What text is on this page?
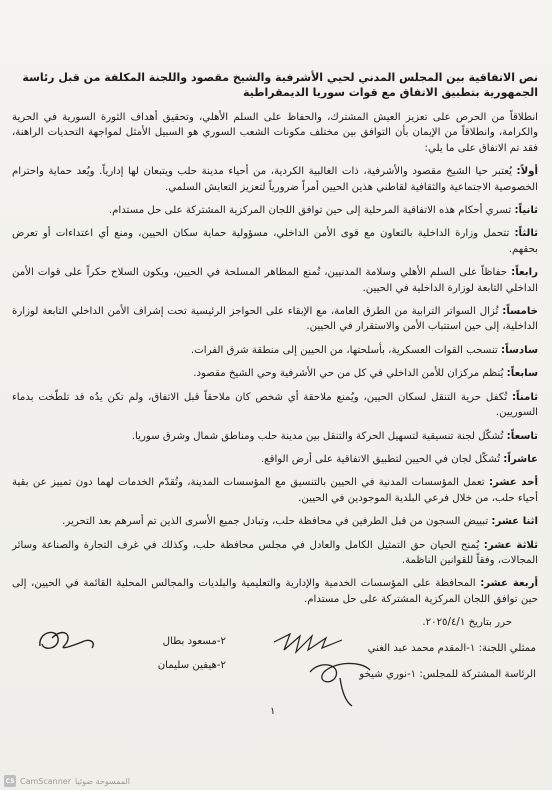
نص الاتفاقية بين المجلس المدني لحيي الأشرفية والشيخ مقصود واللجنة المكلفة من قبل رئاسة الجمهورية بتطبيق الاتفاق مع قوات سوريا الديمقراطية

انطلاقاً من الحرص على تعزيز العيش المشترك، والحفاظ على السلم الأهلي، وتحقيق أهداف الثورة السورية في الحرية والكرامة، وانطلاقاً من الإيمان بأن التوافق بين مختلف مكونات الشعب السوري هو السبيل الأمثل لمواجهة التحديات الراهنة، فقد تم الاتفاق على ما يلي:

أولاً: يُعتبر حيا الشيخ مقصود والأشرفية، ذات الغالبية الكردية، من أحياء مدينة حلب ويتبعان لها إدارياً. ويُعد حماية واحترام الخصوصية الاجتماعية والثقافية لقاطني هذين الحيين أمراً ضرورياً لتعزيز التعايش السلمي.

ثانياً: تسري أحكام هذه الاتفاقية المرحلية إلى حين توافق اللجان المركزية المشتركة على حل مستدام.

ثالثاً: تتحمل وزارة الداخلية بالتعاون مع قوى الأمن الداخلي، مسؤولية حماية سكان الحيين، ومنع أي اعتداءات أو تعرض بحقهم.

رابعاً: حفاظاً على السلم الأهلي وسلامة المدنيين، تُمنع المظاهر المسلحة في الحيين، ويكون السلاح حكراً على قوات الأمن الداخلي التابعة لوزارة الداخلية في الحيين.

خامساً: تُزال السواتر الترابية من الطرق العامة، مع الإبقاء على الحواجز الرئيسية تحت إشراف الأمن الداخلي التابعة لوزارة الداخلية، إلى حين استتباب الأمن والاستقرار في الحيين.

سادساً: تنسحب القوات العسكرية، بأسلحتها، من الحيين إلى منطقة شرق الفرات.

سابعاً: يُنظم مركزان للأمن الداخلي في كل من حي الأشرفية وحي الشيخ مقصود.

ثامناً: تُكفل حرية التنقل لسكان الحيين، ويُمنع ملاحقة أي شخص كان ملاحقاً قبل الاتفاق، ولم تكن يدُه قد تلطّخت بدماء السوريين.

تاسعاً: تُشكّل لجنة تنسيقية لتسهيل الحركة والتنقل بين مدينة حلب ومناطق شمال وشرق سوريا.

عاشراً: تُشكّل لجان في الحيين لتطبيق الاتفاقية على أرض الواقع.

أحد عشر: تعمل المؤسسات المدنية في الحيين بالتنسيق مع المؤسسات المدينة، وتُقدّم الخدمات لهما دون تمييز عن بقية أحياء حلب، من خلال فرعي البلدية الموجودين في الحيين.

اثنا عشر: تبييض السجون من قبل الطرفين في محافظة حلب، وتبادل جميع الأسرى الذين تم أسرهم بعد التحرير.

ثلاثة عشر: يُمنح الحيان حق التمثيل الكامل والعادل في مجلس محافظة حلب، وكذلك في غرف التجارة والصناعة وسائر المجالات، وفقاً للقوانين الناظمة.

أربعة عشر: المحافظة على المؤسسات الخدمية والإدارية والتعليمية والبلديات والمجالس المحلية القائمة في الحيين، إلى حين توافق اللجان المركزية المشتركة على حل مستدام.

حرر بتاريخ ٢٠٢٥/٤/١.
ممثلي اللجنة: ١-المقدم محمد عبد الغني
الرئاسة المشتركة للمجلس: ١-نوري شيخو
٢-مسعود بطال
٢-هيفين سليمان
١
CS CamScanner الممسوحة ضوئيا
